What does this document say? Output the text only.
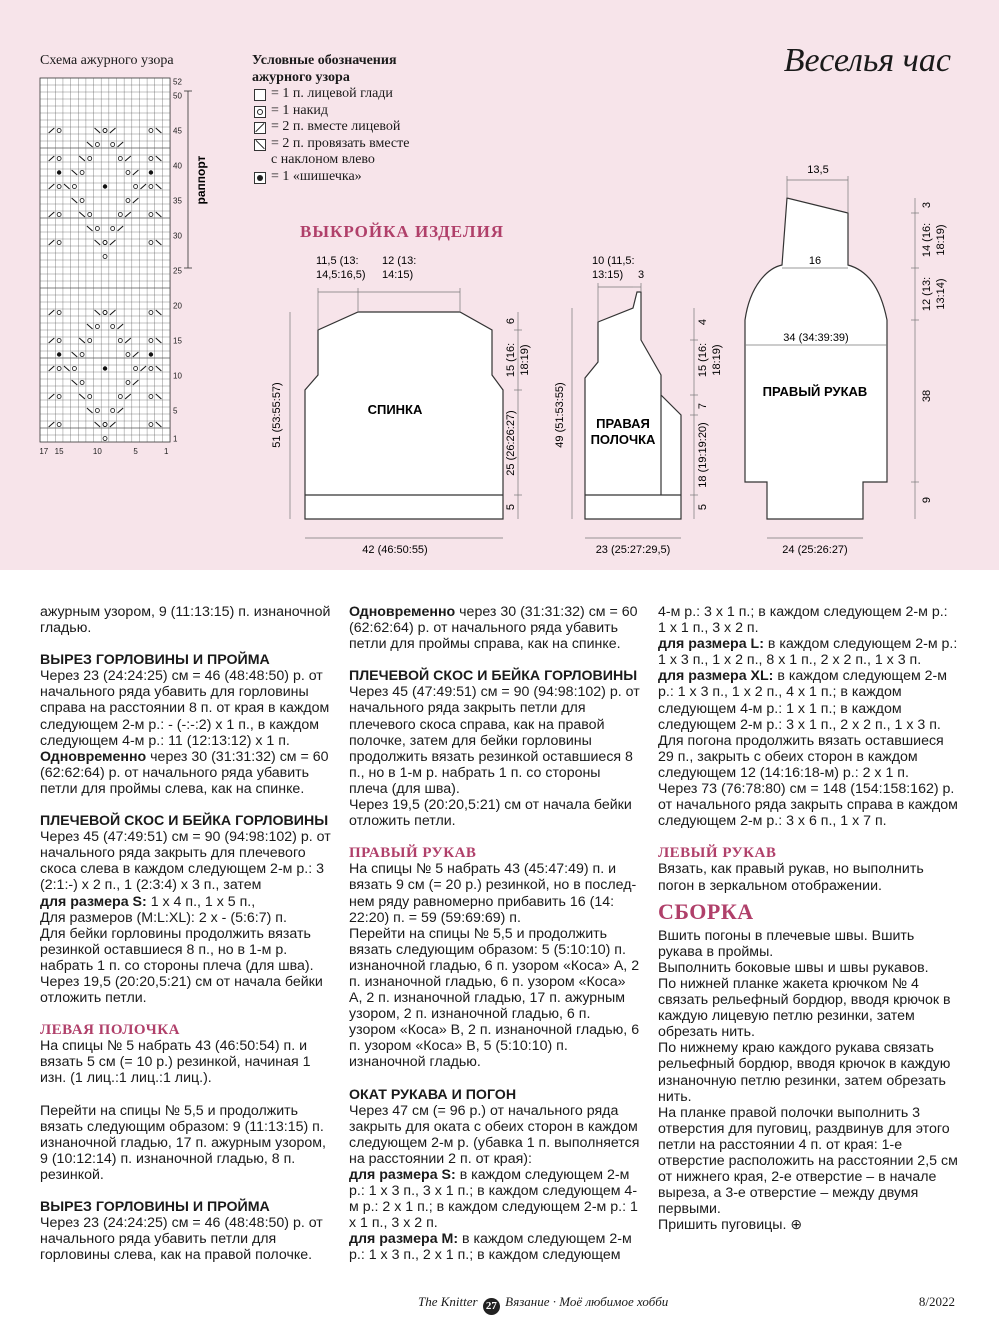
Веселья час
Схема ажурного узора	Условные обозначения
ажурного узора
= 1 п. лицевой глади
= 1 накид
= 2 п. вместе лицевой
= 2 п. провязать вместе
с наклоном влево
= 1 «шишечка»
ВЫКРОЙКА ИЗДЕЛИЯ
52
50
45
40
35
30
25
20
15
10
5
1
17 15	10	5	1
раппорт
СПИНКА
11,5 (13:
14,5:16,5)
12 (13:
14:15)
51 (53:55:57)
6
15 (16: 18:19)
25 (26:26:27)
5
42 (46:50:55)
ПРАВАЯ
ПОЛОЧКА
10 (11,5:
13:15) 3
49 (51:53:55)
4
15 (16: 18:19)
7
18 (19:19:20)
5
23 (25:27:29,5)
ПРАВЫЙ РУКАВ
13,5
16
34 (34:39:39)
3
14 (16: 18:19)
12 (13: 13:14)
38
9
24 (25:26:27)

ажурным узором, 9 (11:13:15) п. изнаночной гладью.

ВЫРЕЗ ГОРЛОВИНЫ И ПРОЙМА

Через 23 (24:24:25) см = 46 (48:48:50) р. от начального ряда убавить для горловины справа на расстоянии 8 п. от края в каждом следующем 2-м р.: - (-:-:2) х 1 п., в каждом следующем 4-м р.: 11 (12:13:12) х 1 п.

Одновременно через 30 (31:31:32) см = 60 (62:62:64) р. от начального ряда убавить петли для проймы слева, как на спинке.

ПЛЕЧЕВОЙ СКОС И БЕЙКА ГОРЛОВИНЫ

Через 45 (47:49:51) см = 90 (94:98:102) р. от начального ряда закрыть для плечевого скоса слева в каждом следующем 2-м р.: 3 (2:1:-) х 2 п., 1 (2:3:4) х 3 п., затем

для размера S: 1 х 4 п., 1 х 5 п.,

Для размеров (M:L:XL): 2 х - (5:6:7) п.

Для бейки горловины продолжить вязать резинкой оставшиеся 8 п., но в 1-м р. набрать 1 п. со стороны плеча (для шва).

Через 19,5 (20:20,5:21) см от начала бейки отложить петли.

ЛЕВАЯ ПОЛОЧКА

На спицы № 5 набрать 43 (46:50:54) п. и вязать 5 см (= 10 р.) резинкой, начиная 1 изн. (1 лиц.:1 лиц.:1 лиц.).

Перейти на спицы № 5,5 и продолжить вязать следующим образом: 9 (11:13:15) п. изнаночной гладью, 17 п. ажурным узором, 9 (10:12:14) п. изнаночной гладью, 8 п. резинкой.

ВЫРЕЗ ГОРЛОВИНЫ И ПРОЙМА

Через 23 (24:24:25) см = 46 (48:48:50) р. от начального ряда убавить петли для горловины слева, как на правой полочке.

Одновременно через 30 (31:31:32) см = 60 (62:62:64) р. от начального ряда убавить петли для проймы справа, как на спинке.

ПЛЕЧЕВОЙ СКОС И БЕЙКА ГОРЛОВИНЫ

Через 45 (47:49:51) см = 90 (94:98:102) р. от начального ряда закрыть петли для плечевого скоса справа, как на правой полочке, затем для бейки горловины продолжить вязать резинкой оставшиеся 8 п., но в 1-м р. набрать 1 п. со стороны плеча (для шва).

Через 19,5 (20:20,5:21) см от начала бейки отложить петли.

ПРАВЫЙ РУКАВ

На спицы № 5 набрать 43 (45:47:49) п. и вязать 9 см (= 20 р.) резинкой, но в послед-нем ряду равномерно прибавить 16 (14: 22:20) п. = 59 (59:69:69) п.

Перейти на спицы № 5,5 и продолжить вязать следующим образом: 5 (5:10:10) п. изнаночной гладью, 6 п. узором «Коса» А, 2 п. изнаночной гладью, 6 п. узором «Коса» А, 2 п. изнаночной гладью, 17 п. ажурным узором, 2 п. изнаночной гладью, 6 п. узором «Коса» В, 2 п. изнаночной гладью, 6 п. узором «Коса» В, 5 (5:10:10) п. изнаночной гладью.

ОКАТ РУКАВА И ПОГОН

Через 47 см (= 96 р.) от начального ряда закрыть для оката с обеих сторон в каждом следующем 2-м р. (убавка 1 п. выполняется на расстоянии 2 п. от края):

для размера S: в каждом следующем 2-м р.: 1 х 3 п., 3 х 1 п.; в каждом следующем 4-м р.: 2 х 1 п.; в каждом следующем 2-м р.: 1 х 1 п., 3 х 2 п.

для размера M: в каждом следующем 2-м р.: 1 х 3 п., 2 х 1 п.; в каждом следующем

4-м р.: 3 х 1 п.; в каждом следующем 2-м р.: 1 х 1 п., 3 х 2 п.

для размера L: в каждом следующем 2-м р.: 1 х 3 п., 1 х 2 п., 8 х 1 п., 2 х 2 п., 1 х 3 п.

для размера XL: в каждом следующем 2-м р.: 1 х 3 п., 1 х 2 п., 4 х 1 п.; в каждом следующем 4-м р.: 1 х 1 п.; в каждом следующем 2-м р.: 3 х 1 п., 2 х 2 п., 1 х 3 п.

Для погона продолжить вязать оставшиеся 29 п., закрыть с обеих сторон в каждом следующем 12 (14:16:18-м) р.: 2 х 1 п.

Через 73 (76:78:80) см = 148 (154:158:162) р. от начального ряда закрыть справа в каждом следующем 2-м р.: 3 х 6 п., 1 х 7 п.

ЛЕВЫЙ РУКАВ

Вязать, как правый рукав, но выполнить погон в зеркальном отображении.

СБОРКА

Вшить погоны в плечевые швы. Вшить рукава в проймы.

Выполнить боковые швы и швы рукавов.

По нижней планке жакета крючком № 4 связать рельефный бордюр, вводя крючок в каждую лицевую петлю резинки, затем обрезать нить.

По нижнему краю каждого рукава связать рельефный бордюр, вводя крючок в каждую изнаночную петлю резинки, затем обрезать нить.

На планке правой полочки выполнить 3 отверстия для пуговиц, раздвинув для этого петли на расстоянии 4 п. от края: 1-е отверстие расположить на расстоянии 2,5 см от нижнего края, 2-е отверстие – в начале выреза, а 3-е отверстие – между двумя первыми.

Пришить пуговицы. ⊕

The Knitter 27 Вязание · Моё любимое хобби	8/2022
